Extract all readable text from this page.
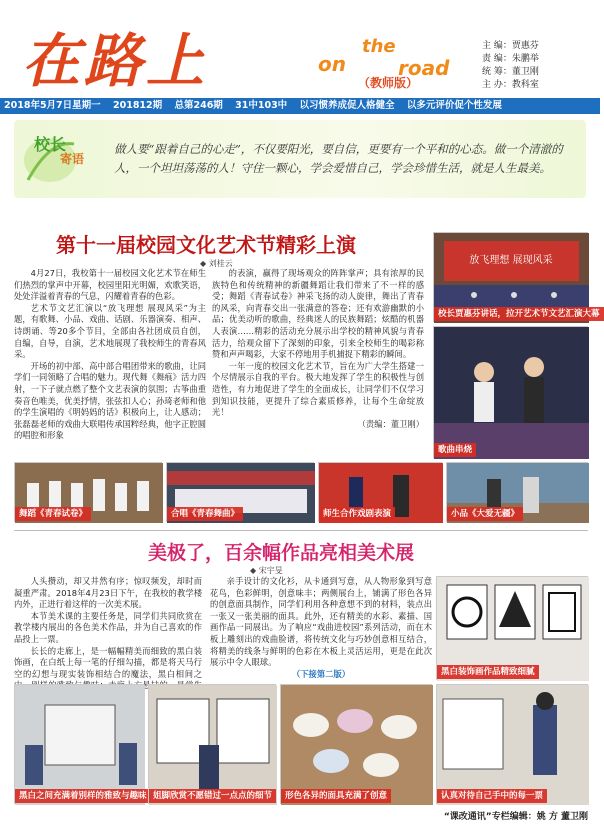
在路上	on
the
road
（教师版）
主 编：贾惠芬
责 编：朱鹏举
统 筹：董卫刚
主 办：教科室
2018年5月7日星期一 201812期 总第246期 31中103中 以习惯养成促人格健全 以多元评价促个性发展
校长
寄语
做人要“跟着自己的心走”，不仅要阳光，要自信，更要有一个平和的心态。做一个清澈的人，一个坦坦荡荡的人！守住一颗心，学会爱惜自己，学会珍惜生活，就是人生最美。
第十一届校园文化艺术节精彩上演
◆ 刘桂云

4月27日，我校第十一届校园文化艺术节在师生们热烈的掌声中开幕，校园里阳光明媚，欢歌笑语，处处洋溢着青春的气息，闪耀着青春的色彩。

艺术节文艺汇演以“放飞理想 展现风采”为主题，有歌舞、小品、戏曲、话剧、乐器演奏、相声、诗朗诵、等20多个节目，全部由各社团成员自创，自编，自导，自演，艺术地展现了我校师生的青春风采。

开场的初中部、高中部合唱团带来的歌曲，让同学们一同领略了合唱的魅力。现代舞《舞痕》活力四射，一下子就点燃了整个文艺表演的氛围；古筝曲重奏音色唯美，优美抒情，张弦扣人心；孙琦老师和他的学生演唱的《明妈妈的话》积极向上，让人感动；张磊磊老师的戏曲大联唱传承国粹经典，他字正腔圆的唱腔和形象

的表演，赢得了现场观众的阵阵掌声；具有浓厚的民族特色和传统精神的新疆舞蹈让我们带来了不一样的感受；舞蹈《青春试卷》神采飞扬的动人旋律，舞出了青春的风采，向青春交出一张满意的答卷；还有欢游幽默的小品；优美动听的歌曲，经典迷人的民族舞蹈；炫酷的机器人表演……精彩的活动充分展示出学校的精神风貌与青春活力，给观众留下了深刻的印象，引来全校师生的喝彩称赞和声声喝彩，大家不停地用手机捕捉下精彩的瞬间。

一年一度的校园文化艺术节，旨在为广大学生搭建一个尽情展示自我的平台。极大地发挥了学生的积极性与创造性，有力地促进了学生的全面成长，让同学们不仅学习到知识技能，更提升了综合素质修养，让每个生命绽放光！

（责编：董卫刚）

放飞理想 展现风采
校长贾惠芬讲话，拉开艺术节文艺汇演大幕
歌曲串烧
舞蹈《青春试卷》	合唱《青春舞曲》	师生合作戏剧表演	小品《大爱无疆》
美极了，百余幅作品亮相美术展
◆ 宋宇旻

人头攒动，却又井然有序；惊叹频发，却时而凝重严肃。2018年4月23日下午，在我校的教学楼内外，正进行着这样的一次美术展。

本节美术课的主要任务是，同学们共同欣赏在教学楼内展出的各色美术作品，并为自己喜欢的作品投上一票。

长长的走廊上，是一幅幅精美而细致的黑白装饰画，在白纸上每一笔的仔细勾描，都是将天马行空的幻想与现实装饰相结合的魔法，黑白相间之 悬

亲手设计的文化衫，从卡通到写意，从人物形象到写意花鸟，色彩鲜明，创意味丰；两侧展台上，铺满了形色各异的创意面具制作，同学们利用各种意想不到的材料，装点出一张又一张美丽的面具。此外，还有精美的水彩、素描、国画作品一同展出。为了响应“戏曲进校园”系列活动，而在木板上雕刻出的戏曲脸谱，将传统文化与巧妙创意相互结合，将精美的线条与鲜明的色彩在木板上灵活运用，更是在此次展示中令人眼球。

（下接第二版）	黑白装饰画作品精致细腻
黑白之间充满着别样的雅致与趣味 姐脚欣赏不愿错过一点点的细节	形色各异的面具充满了创意	认真对待自己手中的每一票
“课改通讯”专栏编辑：姚 方 董卫刚
